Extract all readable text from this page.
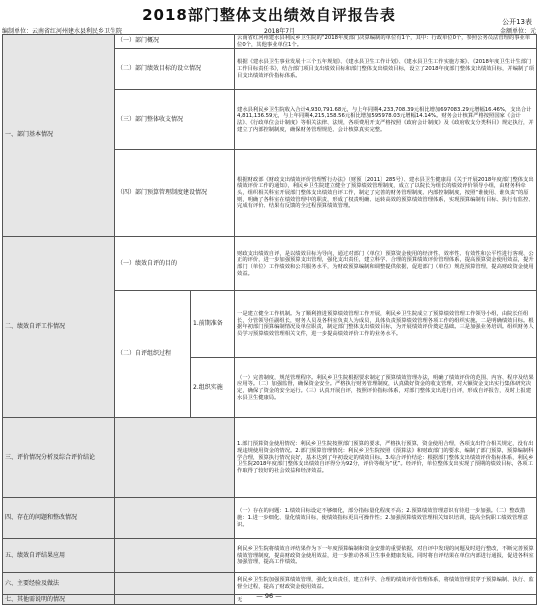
2018部门整体支出绩效自评报告表	公开13表
编制单位：云南省红河州建水县利民乡卫生院	2018年7月	金额单位：元
一、部门基本情况	（一）部门概况		云南省红河州建水县利民乡卫生院的“2018年度部门决算编制的单位有1个，其中：行政单位0个，参照公务员法管理的事业单位0个，其他事业单位1个。
	（二）部门绩效目标的设立情况		根据《建水县卫生事业发展十三个五年规划》、《建水县卫生工作计划》、《建水县卫生工作实施方案》、《2018年度卫生计生部门工作目标责任书》，结合部门项目支出绩效目标和部门整体支出绩效目标，设立了2018年度部门整体支出绩效目标，并编制了项目支出绩效评价指标体系。
	（三）部门整体收支情况		建水县利民乡卫生院收入合计4,930,791.68元，与上年同期4,233,708.39元相比增加697083.29元增幅16.46%，支出合计4,811,136.59元，与上年同期4,215,158.56元相比增加595978.03元增幅14.14%。财务会计核算严格按照国家《会计法》、《行政单位会计制度》等相关法律、法规，各项费用开支严格按照《政府会计制度》及《政府收支分类科目》规定执行，并建立了内部控制制度，确保财务管理规范、会计核算真实完整。
	（四）部门预算管理制度建设情况		根据财政部《财政支出绩效评价管理暂行办法》（财预〔2011〕285号）、建水县卫生健康局《关于开展2018年度部门整体支出绩效评价工作的通知》，利民乡卫生院建立健全了预算绩效管理制度，成立了以院长为组长的绩效评价领导小组，由财务科牵头，组织相关科室开展部门整体支出绩效自评工作，制定了完善的财务管理制度、内部控制制度，按照“谁使用、谁负责”的原则，明确了各科室在绩效管理中的职责，形成了权责明确、运转高效的预算绩效管理体系，实现预算编制有目标、执行有监控、完成有评价、结果有反馈的全过程预算绩效管理。
二、绩效自评工作情况	（一）绩效自评的目的		财政支出绩效自评，是以绩效目标为导向，通过对部门（单位）预算资金使用的经济性、效率性、有效性和公平性进行客观、公正的评价，进一步加强预算支出管理，强化支出责任，建立科学、合理的预算绩效评价管理体系，提高预算资金使用效益，提升部门（单位）工作绩效和公共服务水平，为财政预算编制和调整提供依据，促进部门（单位）规范预算管理，提高财政资金使用效益。
	（二）自评组织过程	1.前期准备	一是建立健全工作机制。为了顺利推进预算绩效管理工作开展，利民乡卫生院成立了预算绩效管理工作领导小组，由院长任组长，分管领导任副组长，财务人员及各科室负责人为成员，具体负责预算绩效管理各项工作的组织实施。二是明确绩效目标。根据年初部门预算编制情况及单位职责，制定部门整体支出绩效目标，为开展绩效评价奠定基础。三是加强业务培训。组织财务人员学习预算绩效管理相关文件，进一步提高绩效评价工作的业务水平。
		2.组织实施	（一）完善制度，规范管理程序。利民乡卫生院根据要求制定了预算绩效管理办法，明确了绩效评价的范围、内容、程序及结果应用等。（二）加强监督，确保资金安全。严格执行财务管理制度，认真做好资金的收支管理，对大额资金支出实行集体研究决定，确保了资金的安全运行。（三）认真开展自评，按照评价指标体系，对部门整体支出进行自评，形成自评报告，及时上报建水县卫生健康局。
三、评价情况分析及综合评价结论			1.部门预算资金使用情况：利民乡卫生院按照部门预算的要求，严格执行预算，资金使用合理，各项支出符合相关规定，没有出现违规使用资金的情况。2.部门预算管理情况：利民乡卫生院按照《预算法》和财政部门的要求，编制了部门预算，预算编制科学合理，预算执行情况良好，基本达到了年初设定的绩效目标。3.综合评价结论：根据部门整体支出绩效评价指标体系，利民乡卫生院2018年度部门整体支出绩效自评得分为92分，评价等级为“优”。经评价，单位整体支出实现了预期的绩效目标，各项工作取得了较好的社会效益和经济效益。
四、存在的问题和整改情况			（一）存在的问题：1.绩效目标设定不够细化，部分指标量化程度不高；2.预算绩效管理意识有待进一步加强。（二）整改措施：1.进一步细化、量化绩效目标，使绩效指标更具可操作性；2.加强预算绩效管理相关知识培训，提高全院职工绩效管理意识。
五、绩效自评结果应用			利民乡卫生院将绩效自评结果作为下一年度预算编制和资金安排的重要依据，对自评中发现的问题及时进行整改，不断完善预算绩效管理制度，提高财政资金使用效益，进一步推动各项卫生事业健康发展。同时将自评结果在单位内部进行通报，促进各科室加强管理，提高工作绩效。
六、主要经验及做法			利民乡卫生院加强预算绩效管理，强化支出责任，建立科学、合理的绩效评价管理体系，将绩效管理贯穿于预算编制、执行、监督全过程，提高了财政资金使用效益。
七、其他需说明的情况			无	— 96 —
